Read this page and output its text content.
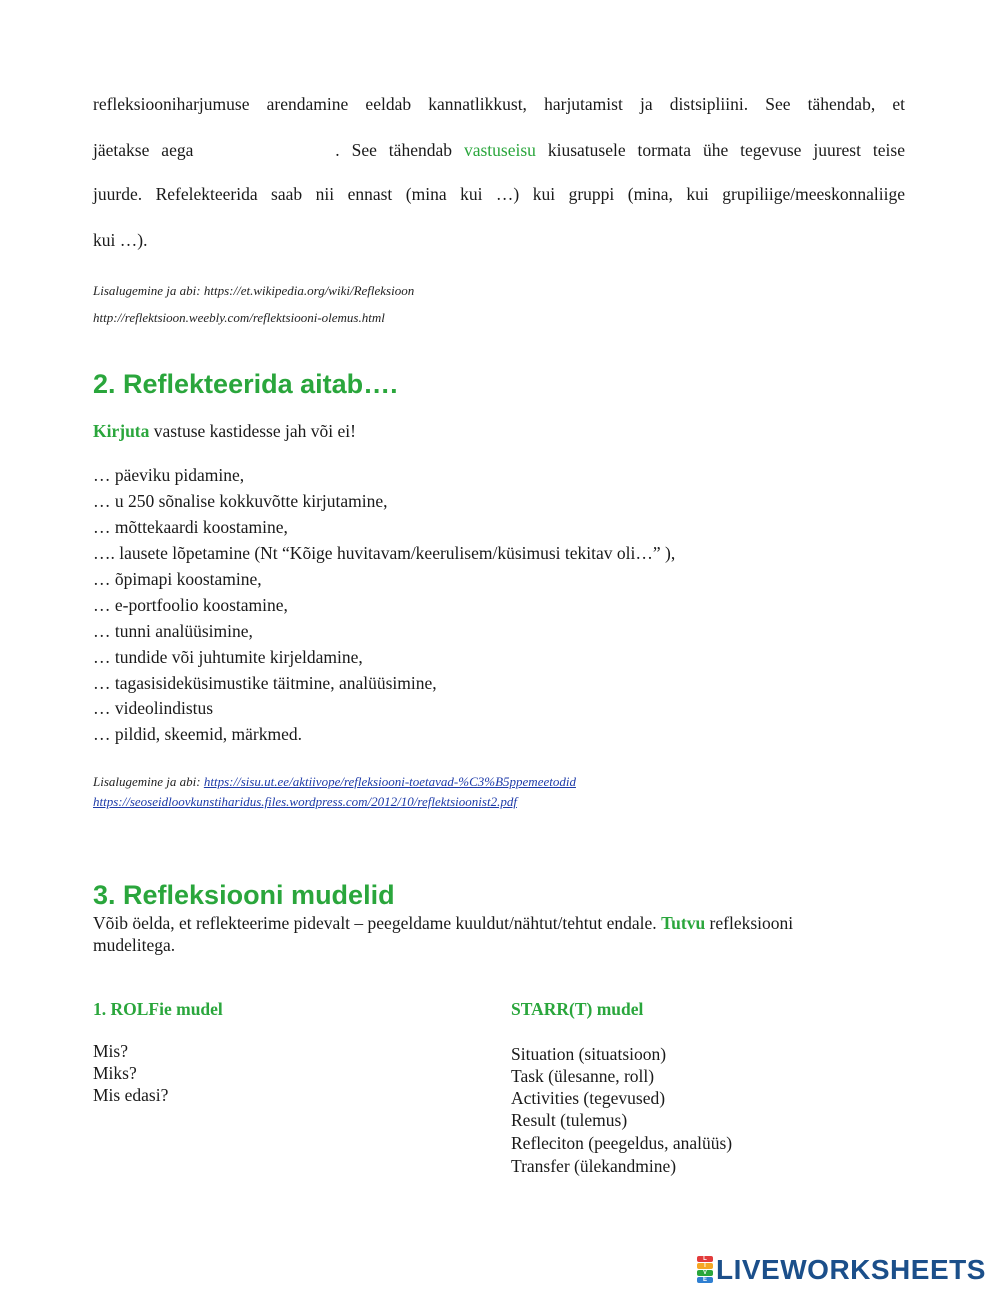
refleksiooniharjumuse arendamine eeldab kannatlikkust, harjutamist ja distsipliini. See tähendab, et
jäetakse aega	. See tähendab vastuseisu kiusatusele tormata ühe tegevuse juurest teise
juurde. Refelekteerida saab nii ennast (mina kui …) kui gruppi (mina, kui grupiliige/meeskonnaliige
kui …).
Lisalugemine ja abi: https://et.wikipedia.org/wiki/Refleksioon
http://reflektsioon.weebly.com/reflektsiooni-olemus.html
2. Reflekteerida aitab….
Kirjuta vastuse kastidesse jah või ei!
… päeviku pidamine,
… u 250 sõnalise kokkuvõtte kirjutamine,
… mõttekaardi koostamine,
…. lausete lõpetamine (Nt “Kõige huvitavam/keerulisem/küsimusi tekitav oli…” ),
… õpimapi koostamine,
… e-portfoolio koostamine,
… tunni analüüsimine,
… tundide või juhtumite kirjeldamine,
… tagasisideküsimustike täitmine, analüüsimine,
… videolindistus
… pildid, skeemid, märkmed.
Lisalugemine ja abi: https://sisu.ut.ee/aktiivope/refleksiooni-toetavad-%C3%B5ppemeetodid
https://seoseidloovkunstiharidus.files.wordpress.com/2012/10/reflektsioonist2.pdf
3. Refleksiooni mudelid
Võib öelda, et reflekteerime pidevalt – peegeldame kuuldut/nähtut/tehtut endale. Tutvu refleksiooni
mudelitega.
1. ROLFie mudel
Mis?
Miks?
Mis edasi?
STARR(T) mudel
Situation (situatsioon)
Task (ülesanne, roll)
Activities (tegevused)
Result (tulemus)
Refleciton (peegeldus, analüüs)
Transfer (ülekandmine)
L
I
V
E LIVEWORKSHEETS
